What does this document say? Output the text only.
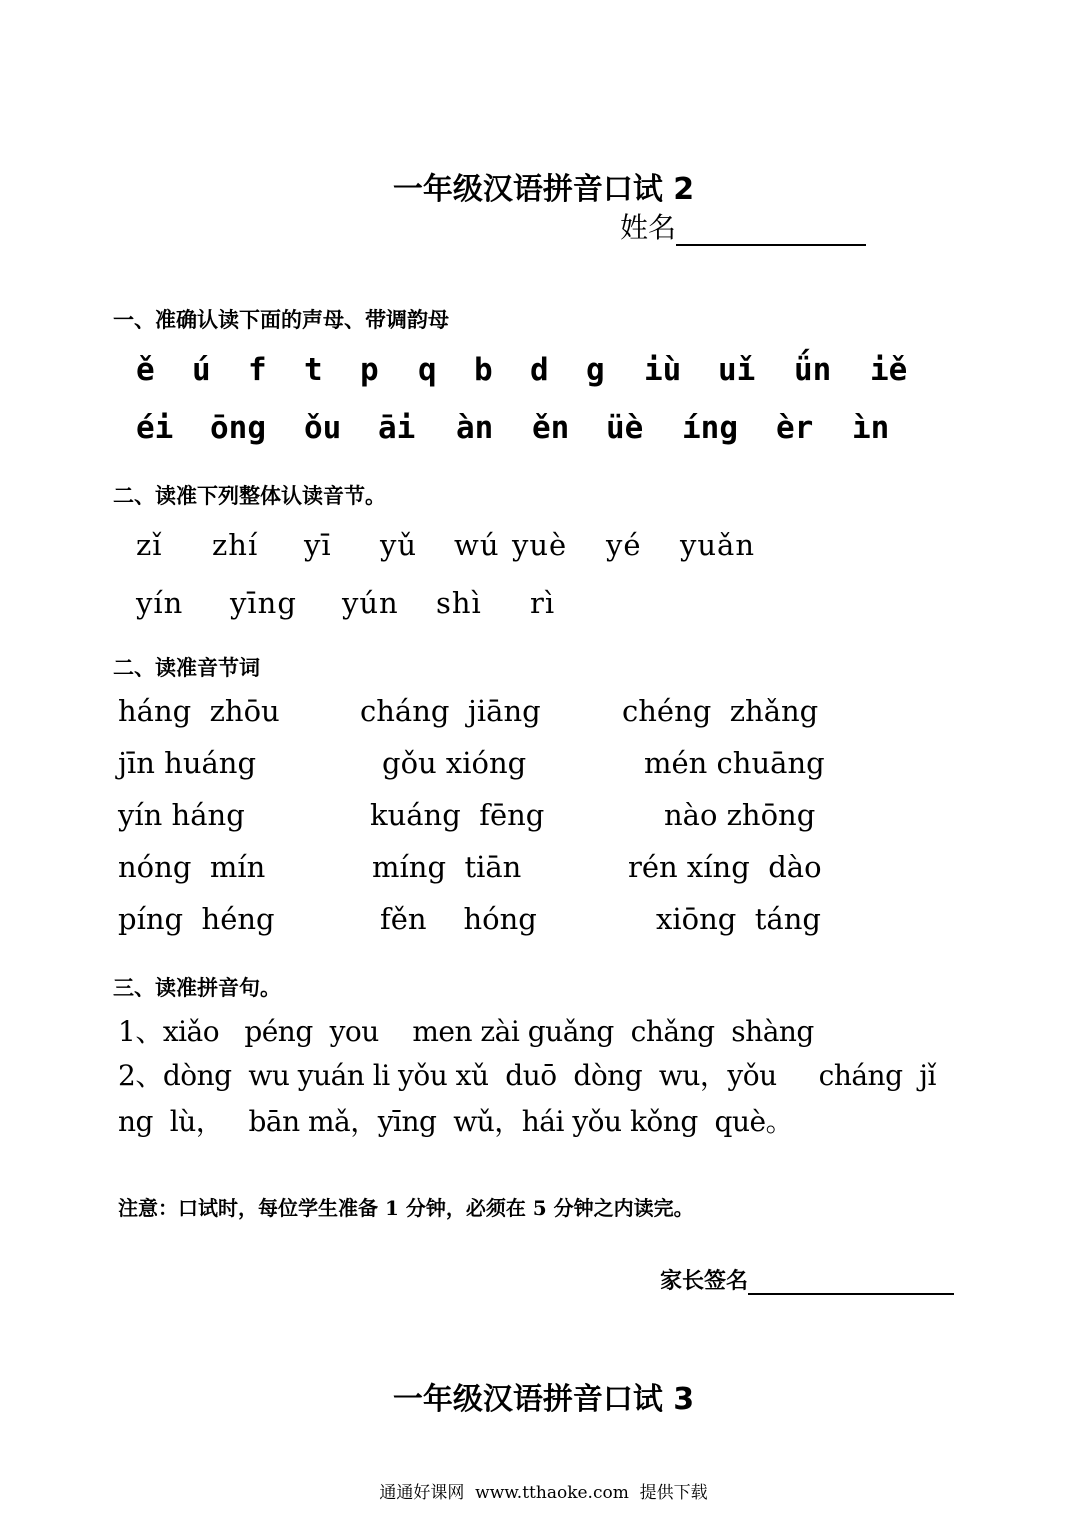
一年级汉语拼音口试 2
姓名
一、准确认读下面的声母、带调韵母
ě ú f t p q b d g iù uǐ ǘn iě
éi ōng ǒu āi àn ěn üè íng èr ìn
二、读准下列整体认读音节。
zǐ zhí yī yǔ wú yuè yé yuǎn
yín yīng yún shì rì
二、读准音节词
háng  zhōu	cháng  jiāng	chéng  zhǎng
jīn huáng	gǒu xióng	mén chuāng
yín háng	kuáng  fēng	nào zhōng
nóng  mín	míng  tiān	rén xíng  dào
píng  héng	fěn    hóng	xiōng  táng
三、读准拼音句。
1、xiǎo   péng  you    men zài guǎng  chǎng  shàng
2、dòng  wu yuán li yǒu xǔ  duō  dòng  wu，yǒu     cháng  jǐ
ng  lù，   bān mǎ，yīng  wǔ，hái yǒu kǒng  què。
注意：口试时，每位学生准备 1 分钟，必须在 5 分钟之内读完。
家长签名
一年级汉语拼音口试 3
通通好课网  www.tthaoke.com  提供下载
